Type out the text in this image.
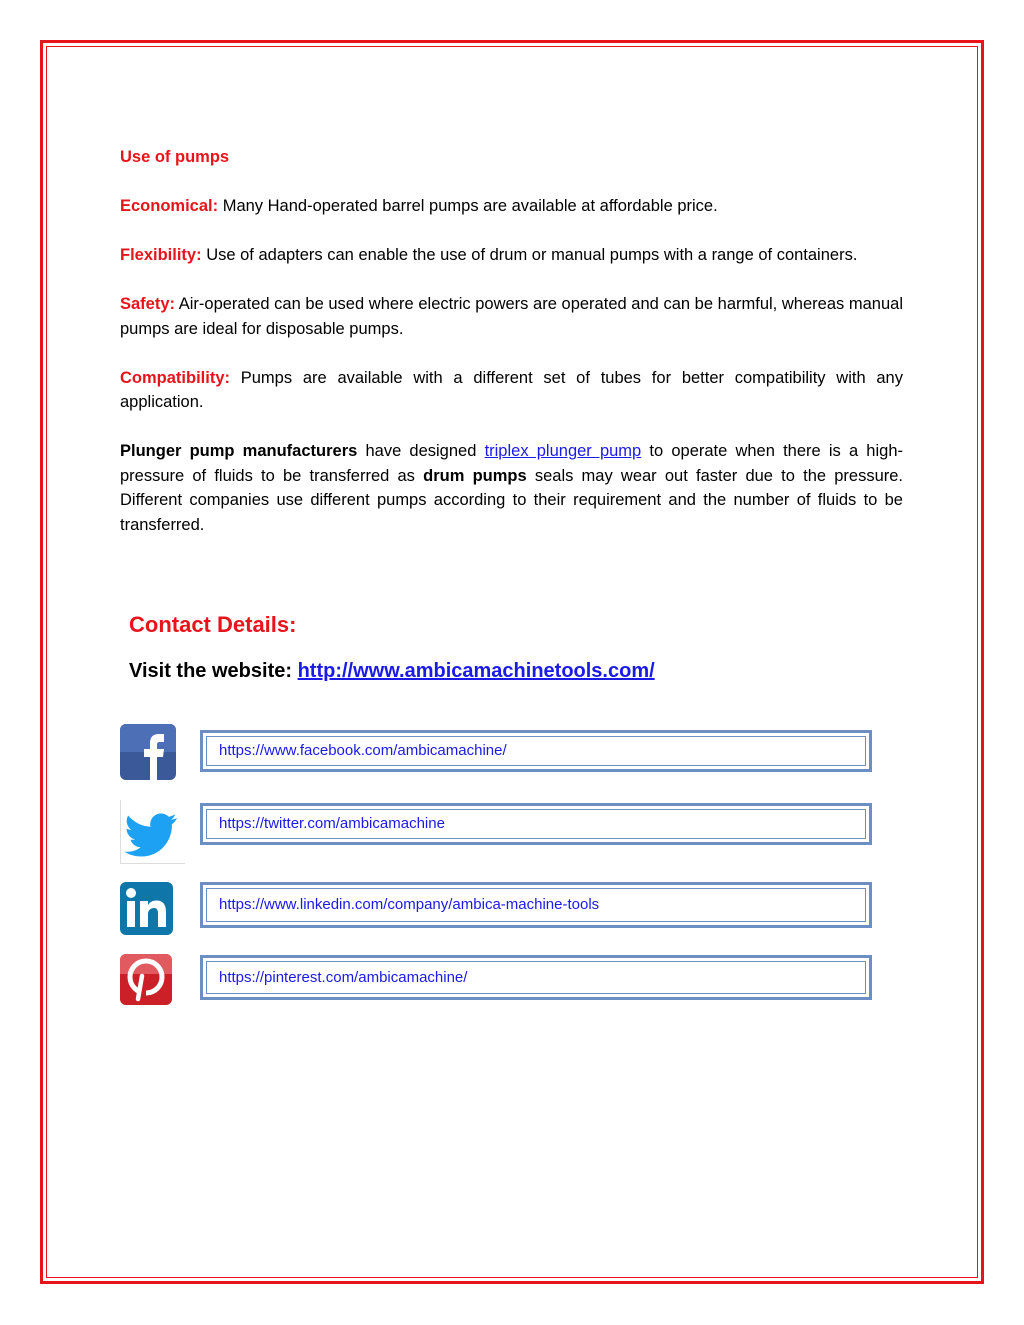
Use of pumps

Economical: Many Hand-operated barrel pumps are available at affordable price.

Flexibility: Use of adapters can enable the use of drum or manual pumps with a range of containers.

Safety: Air-operated can be used where electric powers are operated and can be harmful, whereas manual pumps are ideal for disposable pumps.

Compatibility: Pumps are available with a different set of tubes for better compatibility with any application.

Plunger pump manufacturers have designed triplex plunger pump to operate when there is a high-pressure of fluids to be transferred as drum pumps seals may wear out faster due to the pressure. Different companies use different pumps according to their requirement and the number of fluids to be transferred.

Contact Details:
Visit the website: http://www.ambicamachinetools.com/
https://www.facebook.com/ambicamachine/
https://twitter.com/ambicamachine
https://www.linkedin.com/company/ambica-machine-tools
https://pinterest.com/ambicamachine/
